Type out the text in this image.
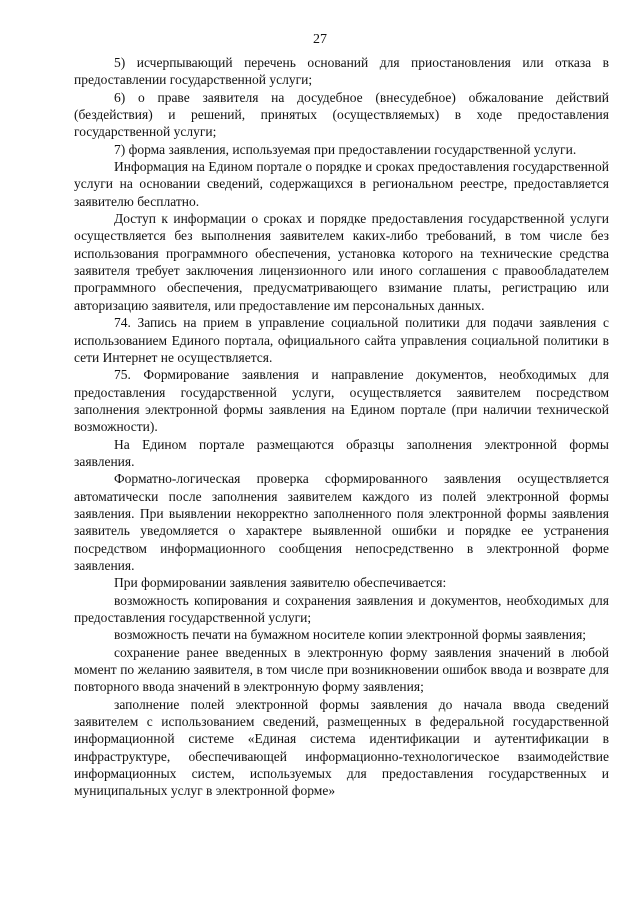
27

5) исчерпывающий перечень оснований для приостановления или отказа в предоставлении государственной услуги;

6) о праве заявителя на досудебное (внесудебное) обжалование действий (бездействия) и решений, принятых (осуществляемых) в ходе предоставления государственной услуги;

7) форма заявления, используемая при предоставлении государственной услуги.

Информация на Едином портале о порядке и сроках предоставления государственной услуги на основании сведений, содержащихся в региональном реестре, предоставляется заявителю бесплатно.

Доступ к информации о сроках и порядке предоставления государственной услуги осуществляется без выполнения заявителем каких-либо требований, в том числе без использования программного обеспечения, установка которого на технические средства заявителя требует заключения лицензионного или иного соглашения с правообладателем программного обеспечения, предусматривающего взимание платы, регистрацию или авторизацию заявителя, или предоставление им персональных данных.

74. Запись на прием в управление социальной политики для подачи заявления с использованием Единого портала, официального сайта управления социальной политики в сети Интернет не осуществляется.

75. Формирование заявления и направление документов, необходимых для предоставления государственной услуги, осуществляется заявителем посредством заполнения электронной формы заявления на Едином портале (при наличии технической возможности).

На Едином портале размещаются образцы заполнения электронной формы заявления.

Форматно-логическая проверка сформированного заявления осуществляется автоматически после заполнения заявителем каждого из полей электронной формы заявления. При выявлении некорректно заполненного поля электронной формы заявления заявитель уведомляется о характере выявленной ошибки и порядке ее устранения посредством информационного сообщения непосредственно в электронной форме заявления.

При формировании заявления заявителю обеспечивается:

возможность копирования и сохранения заявления и документов, необходимых для предоставления государственной услуги;

возможность печати на бумажном носителе копии электронной формы заявления;

сохранение ранее введенных в электронную форму заявления значений в любой момент по желанию заявителя, в том числе при возникновении ошибок ввода и возврате для повторного ввода значений в электронную форму заявления;

заполнение полей электронной формы заявления до начала ввода сведений заявителем с использованием сведений, размещенных в федеральной государственной информационной системе «Единая система идентификации и аутентификации в инфраструктуре, обеспечивающей информационно-технологическое взаимодействие информационных систем, используемых для предоставления государственных и муниципальных услуг в электронной форме»
